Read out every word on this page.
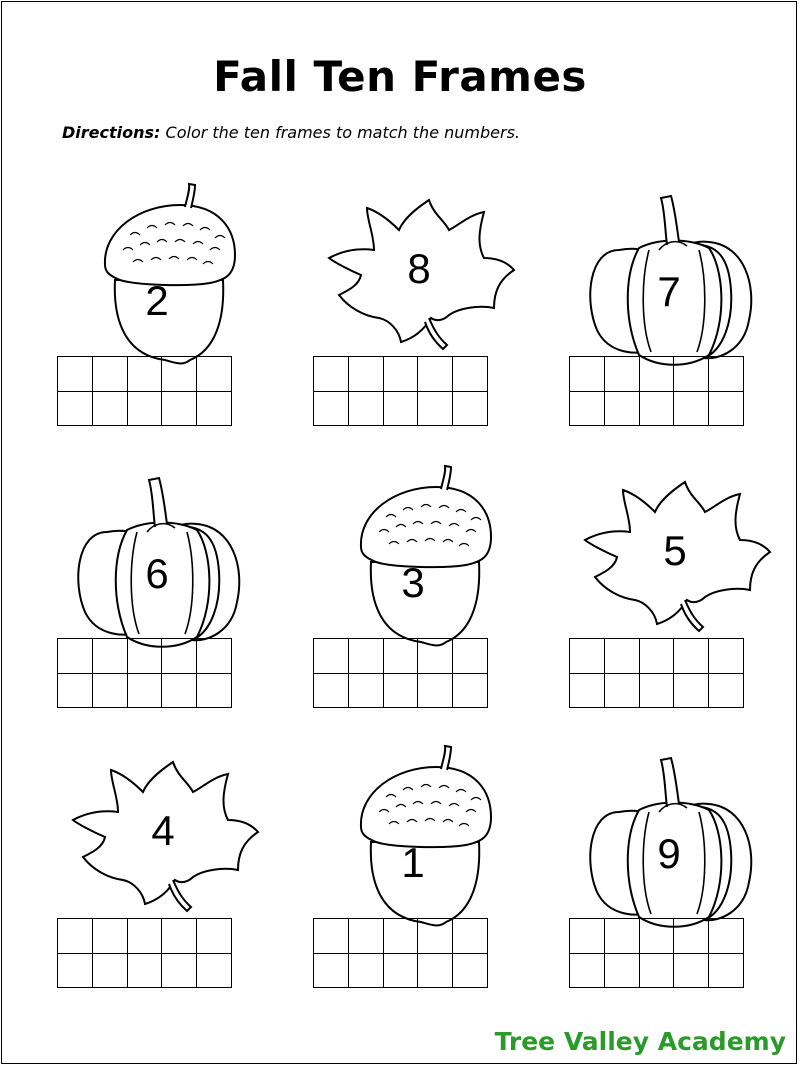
Fall Ten Frames
Directions: Color the ten frames to match the numbers.
2
8	7
6	3
5
4
1	9
Tree Valley Academy
